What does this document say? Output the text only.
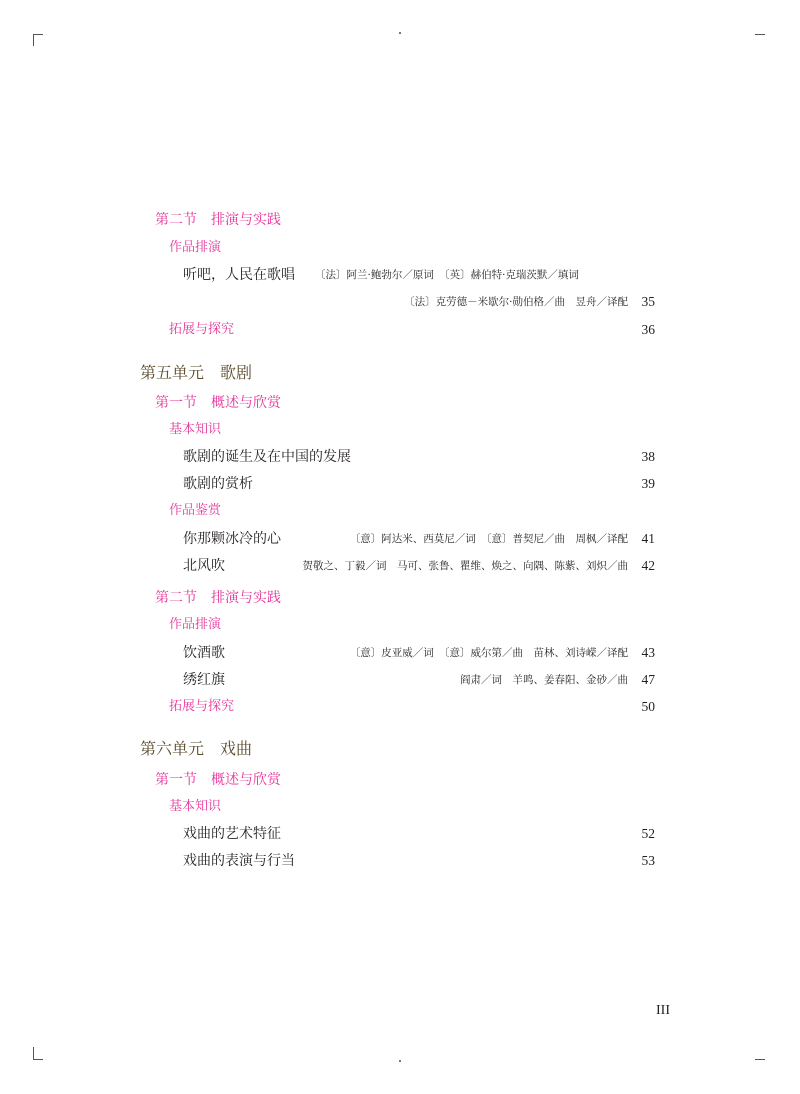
第二节　排演与实践
作品排演
听吧，人民在歌唱 〔法〕阿兰·鲍勃尔／原词　〔英〕赫伯特·克瑞茨默／填词
〔法〕克劳德－米歇尔·勋伯格／曲　昱舟／译配	35
拓展与探究	36
第五单元　歌剧
第一节　概述与欣赏
基本知识
歌剧的诞生及在中国的发展	38
歌剧的赏析	39
作品鉴赏
你那颗冰冷的心	〔意〕阿达米、西莫尼／词　〔意〕普契尼／曲　周枫／译配	41
北风吹	贺敬之、丁毅／词　马可、张鲁、瞿维、焕之、向隅、陈紫、刘炽／曲	42
第二节　排演与实践
作品排演
饮酒歌	〔意〕皮亚威／词　〔意〕威尔第／曲　苗林、刘诗嵘／译配	43
绣红旗	阎肃／词　羊鸣、姜春阳、金砂／曲	47
拓展与探究	50
第六单元　戏曲
第一节　概述与欣赏
基本知识
戏曲的艺术特征	52
戏曲的表演与行当	53
III
